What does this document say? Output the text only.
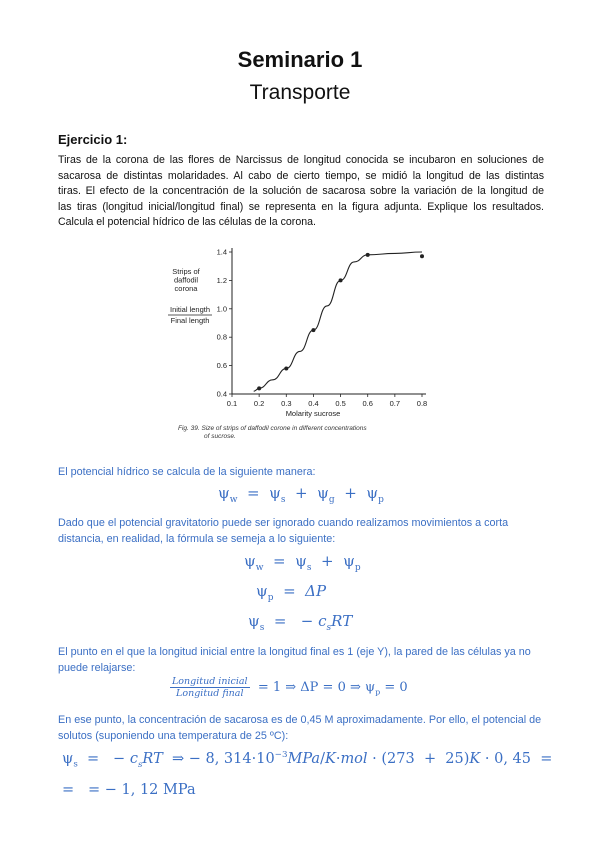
Seminario 1
Transporte
Ejercicio 1:
Tiras de la corona de las flores de Narcissus de longitud conocida se incubaron en soluciones de
sacarosa de distintas molaridades. Al cabo de cierto tiempo, se midió la longitud de las distintas
tiras. El efecto de la concentración de la solución de sacarosa sobre la variación de la longitud de
las tiras (longitud inicial/longitud final) se representa en la figura adjunta. Explique los resultados.
Calcula el potencial hídrico de las células de la corona.
0.1 0.2 0.3 0.4 0.5 0.6 0.7 0.8
0.4
0.6
0.8
1.0
1.2
1.4
Strips of
daffodil
corona
Initial length
Final length
Molarity sucrose
Fig. 39. Size of strips of daffodil corone in different concentrations
of sucrose.
El potencial hídrico se calcula de la siguiente manera:
$\psi_w = \psi_s + \psi_g + \psi_p$
Dado que el potencial gravitatorio puede ser ignorado cuando realizamos movimientos a corta distancia, en realidad, la fórmula se semeja a lo siguiente:
$\psi_w = \psi_s + \psi_p$
$\psi_p = \Delta P$
$\psi_s$  =   − $c_sRT$
El punto en el que la longitud inicial entre la longitud final es 1 (eje Y), la pared de las células ya no puede relajarse:
$\frac{\text{Longitud inicial}}{\text{Longitud final}} = 1$ ⇒ ΔP = 0 ⇒ $\psi_p = 0$
En ese punto, la concentración de sacarosa es de 0,45 M aproximadamente. Por ello, el potencial de solutos (suponiendo una temperatura de 25 ºC):
$\psi_s$  =   − $c_sRT$  ⇒ − 8, $314\cdot 10^{-3}MPa/K\cdot mol \cdot (273 + 25)K \cdot 0$, 45  =
=   = − 1, 12 MPa
